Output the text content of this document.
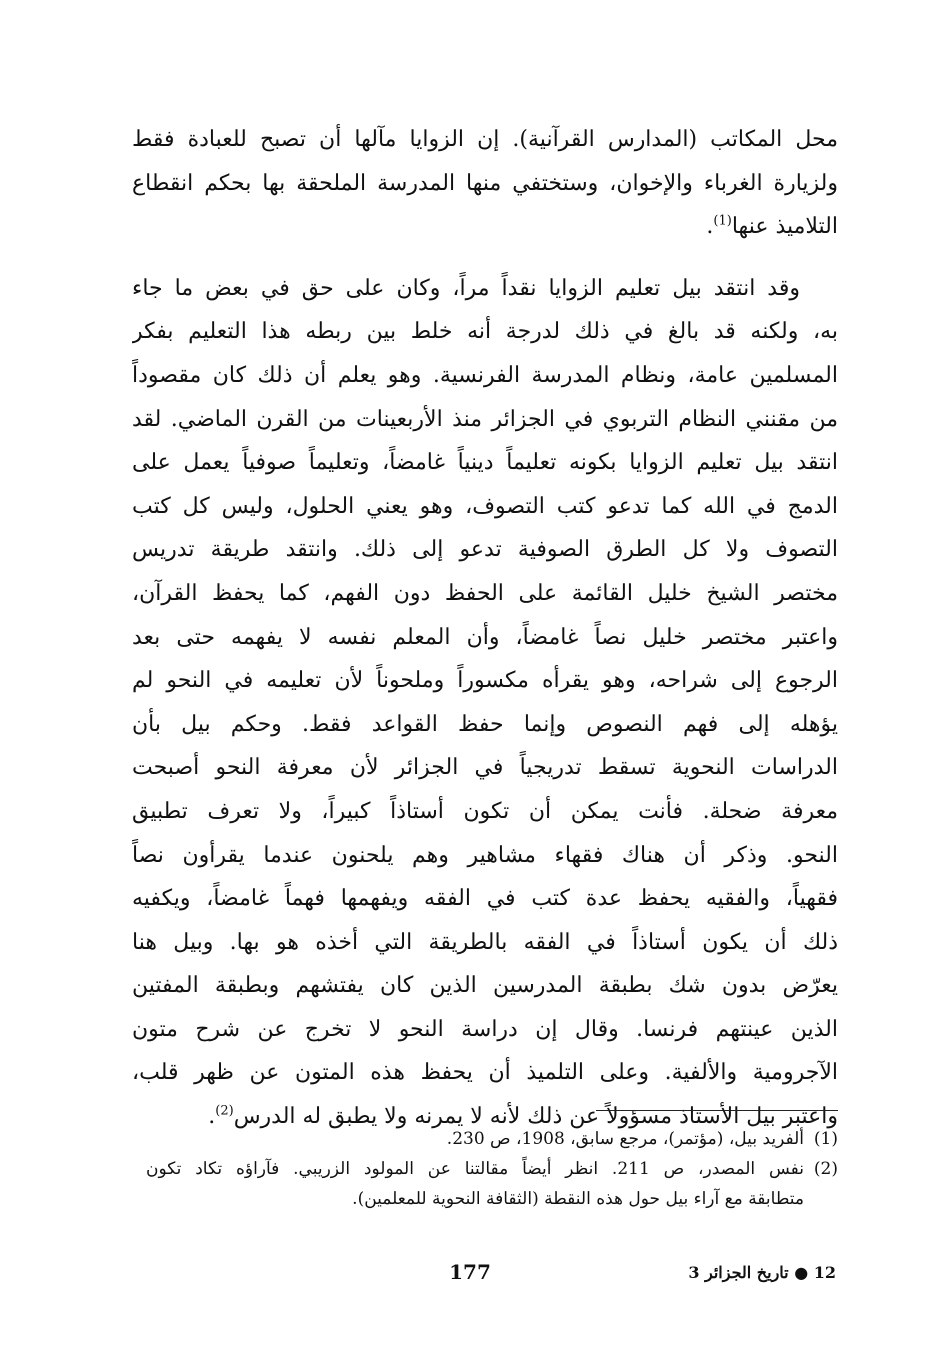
محل المكاتب (المدارس القرآنية). إن الزوايا مآلها أن تصبح للعبادة فقط
ولزيارة الغرباء والإخوان، وستختفي منها المدرسة الملحقة بها بحكم انقطاع
التلاميذ عنها$^{(1)}$.
وقد انتقد بيل تعليم الزوايا نقداً مراً، وكان على حق في بعض ما جاء
به، ولكنه قد بالغ في ذلك لدرجة أنه خلط بين ربطه هذا التعليم بفكر
المسلمين عامة، ونظام المدرسة الفرنسية. وهو يعلم أن ذلك كان مقصوداً
من مقنني النظام التربوي في الجزائر منذ الأربعينات من القرن الماضي. لقد
انتقد بيل تعليم الزوايا بكونه تعليماً دينياً غامضاً، وتعليماً صوفياً يعمل على
الدمج في الله كما تدعو كتب التصوف، وهو يعني الحلول، وليس كل كتب
التصوف ولا كل الطرق الصوفية تدعو إلى ذلك. وانتقد طريقة تدريس
مختصر الشيخ خليل القائمة على الحفظ دون الفهم، كما يحفظ القرآن،
واعتبر مختصر خليل نصاً غامضاً، وأن المعلم نفسه لا يفهمه حتى بعد
الرجوع إلى شراحه، وهو يقرأه مكسوراً وملحوناً لأن تعليمه في النحو لم
يؤهله إلى فهم النصوص وإنما حفظ القواعد فقط. وحكم بيل بأن
الدراسات النحوية تسقط تدريجياً في الجزائر لأن معرفة النحو أصبحت
معرفة ضحلة. فأنت يمكن أن تكون أستاذاً كبيراً، ولا تعرف تطبيق
النحو. وذكر أن هناك فقهاء مشاهير وهم يلحنون عندما يقرأون نصاً
فقهياً، والفقيه يحفظ عدة كتب في الفقه ويفهمها فهماً غامضاً، ويكفيه
ذلك أن يكون أستاذاً في الفقه بالطريقة التي أخذه هو بها. وبيل هنا
يعرّض بدون شك بطبقة المدرسين الذين كان يفتشهم وبطبقة المفتين
الذين عينتهم فرنسا. وقال إن دراسة النحو لا تخرج عن شرح متون
الآجرومية والألفية. وعلى التلميذ أن يحفظ هذه المتون عن ظهر قلب،
واعتبر بيل الأستاذ مسؤولاً عن ذلك لأنه لا يمرنه ولا يطبق له الدرس$^{(2)}$.
(1)
ألفريد بيل، (مؤتمر)، مرجع سابق، 1908، ص 230.
(2)
نفس المصدر، ص 211. انظر أيضاً مقالتنا عن المولود الزريبي. فآراؤه تكاد تكون
متطابقة مع آراء بيل حول هذه النقطة (الثقافة النحوية للمعلمين).
177	12 ● تاريخ الجزائر 3
